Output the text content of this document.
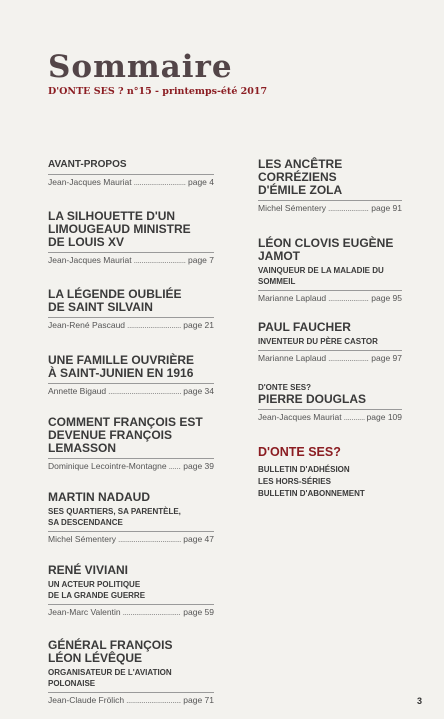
Sommaire
D'ONTE SES ? n°15 - printemps-été 2017
AVANT-PROPOS
Jean-Jacques Mauriat . . .	page 4
LA SILHOUETTE D'UN
LIMOUGEAUD MINISTRE
DE LOUIS XV
Jean-Jacques Mauriat . . .	page 7
LA LÉGENDE OUBLIÉE
DE SAINT SILVAIN
Jean-René Pascaud . . .	page 21
UNE FAMILLE OUVRIÈRE
À SAINT-JUNIEN EN 1916
Annette Bigaud . . .	page 34
COMMENT FRANÇOIS EST
DEVENUE FRANÇOIS LEMASSON
Dominique Lecointre-Montagne . . . page 39
MARTIN NADAUD
SES QUARTIERS, SA PARENTÈLE,
SA DESCENDANCE
Michel Sémentery . . .	page 47
RENÉ VIVIANI
UN ACTEUR POLITIQUE
DE LA GRANDE GUERRE
Jean-Marc Valentin . . .	page 59
GÉNÉRAL FRANÇOIS
LÉON LÉVÊQUE
ORGANISATEUR DE L'AVIATION POLONAISE
Jean-Claude Frölich . . .	page 71
LES ANCÊTRE CORRÉZIENS
D'ÉMILE ZOLA
Michel Sémentery . . .	page 91
LÉON CLOVIS EUGÈNE JAMOT
VAINQUEUR DE LA MALADIE DU SOMMEIL
Marianne Laplaud . . .	page 95
PAUL FAUCHER
INVENTEUR DU PÈRE CASTOR
Marianne Laplaud . . .	page 97
D'ONTE SES?
PIERRE DOUGLAS
Jean-Jacques Mauriat . . .	page 109
D'ONTE SES?
BULLETIN D'ADHÉSION
LES HORS-SÉRIES
BULLETIN D'ABONNEMENT
3
